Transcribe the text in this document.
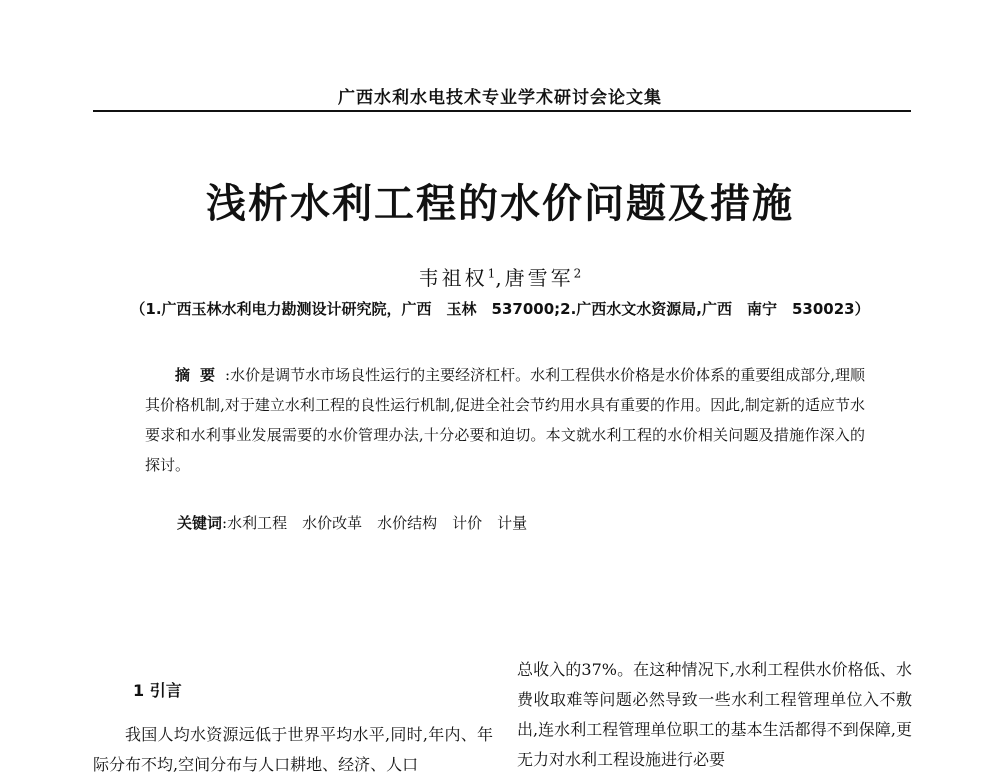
广西水利水电技术专业学术研讨会论文集
浅析水利工程的水价问题及措施
韦祖权$^1$,唐雪军$^2$
（1.广西玉林水利电力勘测设计研究院，广西　玉林　537000;2.广西水文水资源局,广西　南宁　530023）
摘要:水价是调节水市场良性运行的主要经济杠杆。水利工程供水价格是水价体系的重要组成部分,理顺其价格机制,对于建立水利工程的良性运行机制,促进全社会节约用水具有重要的作用。因此,制定新的适应节水要求和水利事业发展需要的水价管理办法,十分必要和迫切。本文就水利工程的水价相关问题及措施作深入的探讨。
关键词:水利工程　水价改革　水价结构　计价　计量
1 引言
我国人均水资源远低于世界平均水平,同时,年内、年际分布不均,空间分布与人口耕地、经济、人口
总收入的37%。在这种情况下,水利工程供水价格低、水费收取难等问题必然导致一些水利工程管理单位入不敷出,连水利工程管理单位职工的基本生活都得不到保障,更无力对水利工程设施进行必要
